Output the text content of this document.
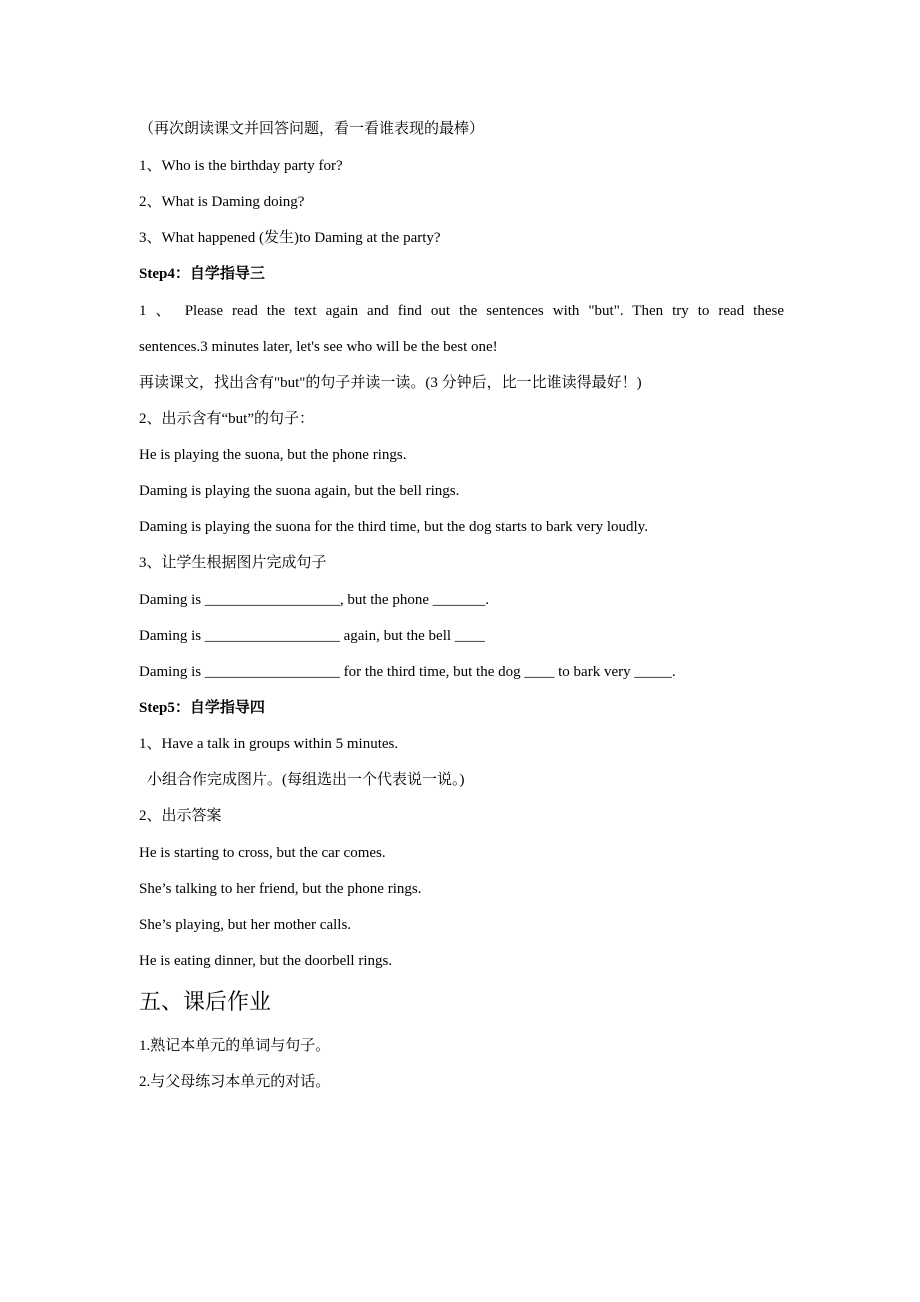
（再次朗读课文并回答问题，看一看谁表现的最棒）
1、Who is the birthday party for?
2、What is Daming doing?
3、What happened (发生)to Daming at the party?
Step4：自学指导三
1 、 Please read the text again and find out the sentences with "but". Then try to read these
sentences.3 minutes later, let's see who will be the best one!
再读课文，找出含有"but"的句子并读一读。(3 分钟后，比一比谁读得最好！)
2、出示含有“but”的句子：
He is playing the suona, but the phone rings.
Daming is playing the suona again, but the bell rings.
Daming is playing the suona for the third time, but the dog starts to bark very loudly.
3、让学生根据图片完成句子
Daming is __________________, but the phone _______.
Daming is __________________ again, but the bell ____
Daming is __________________ for the third time, but the dog ____ to bark very _____.
Step5：自学指导四
1、Have a talk in groups within 5 minutes.
小组合作完成图片。(每组选出一个代表说一说。)
2、出示答案
He is starting to cross, but the car comes.
She’s talking to her friend, but the phone rings.
She’s playing, but her mother calls.
He is eating dinner, but the doorbell rings.
五、课后作业
1.熟记本单元的单词与句子。
2.与父母练习本单元的对话。
